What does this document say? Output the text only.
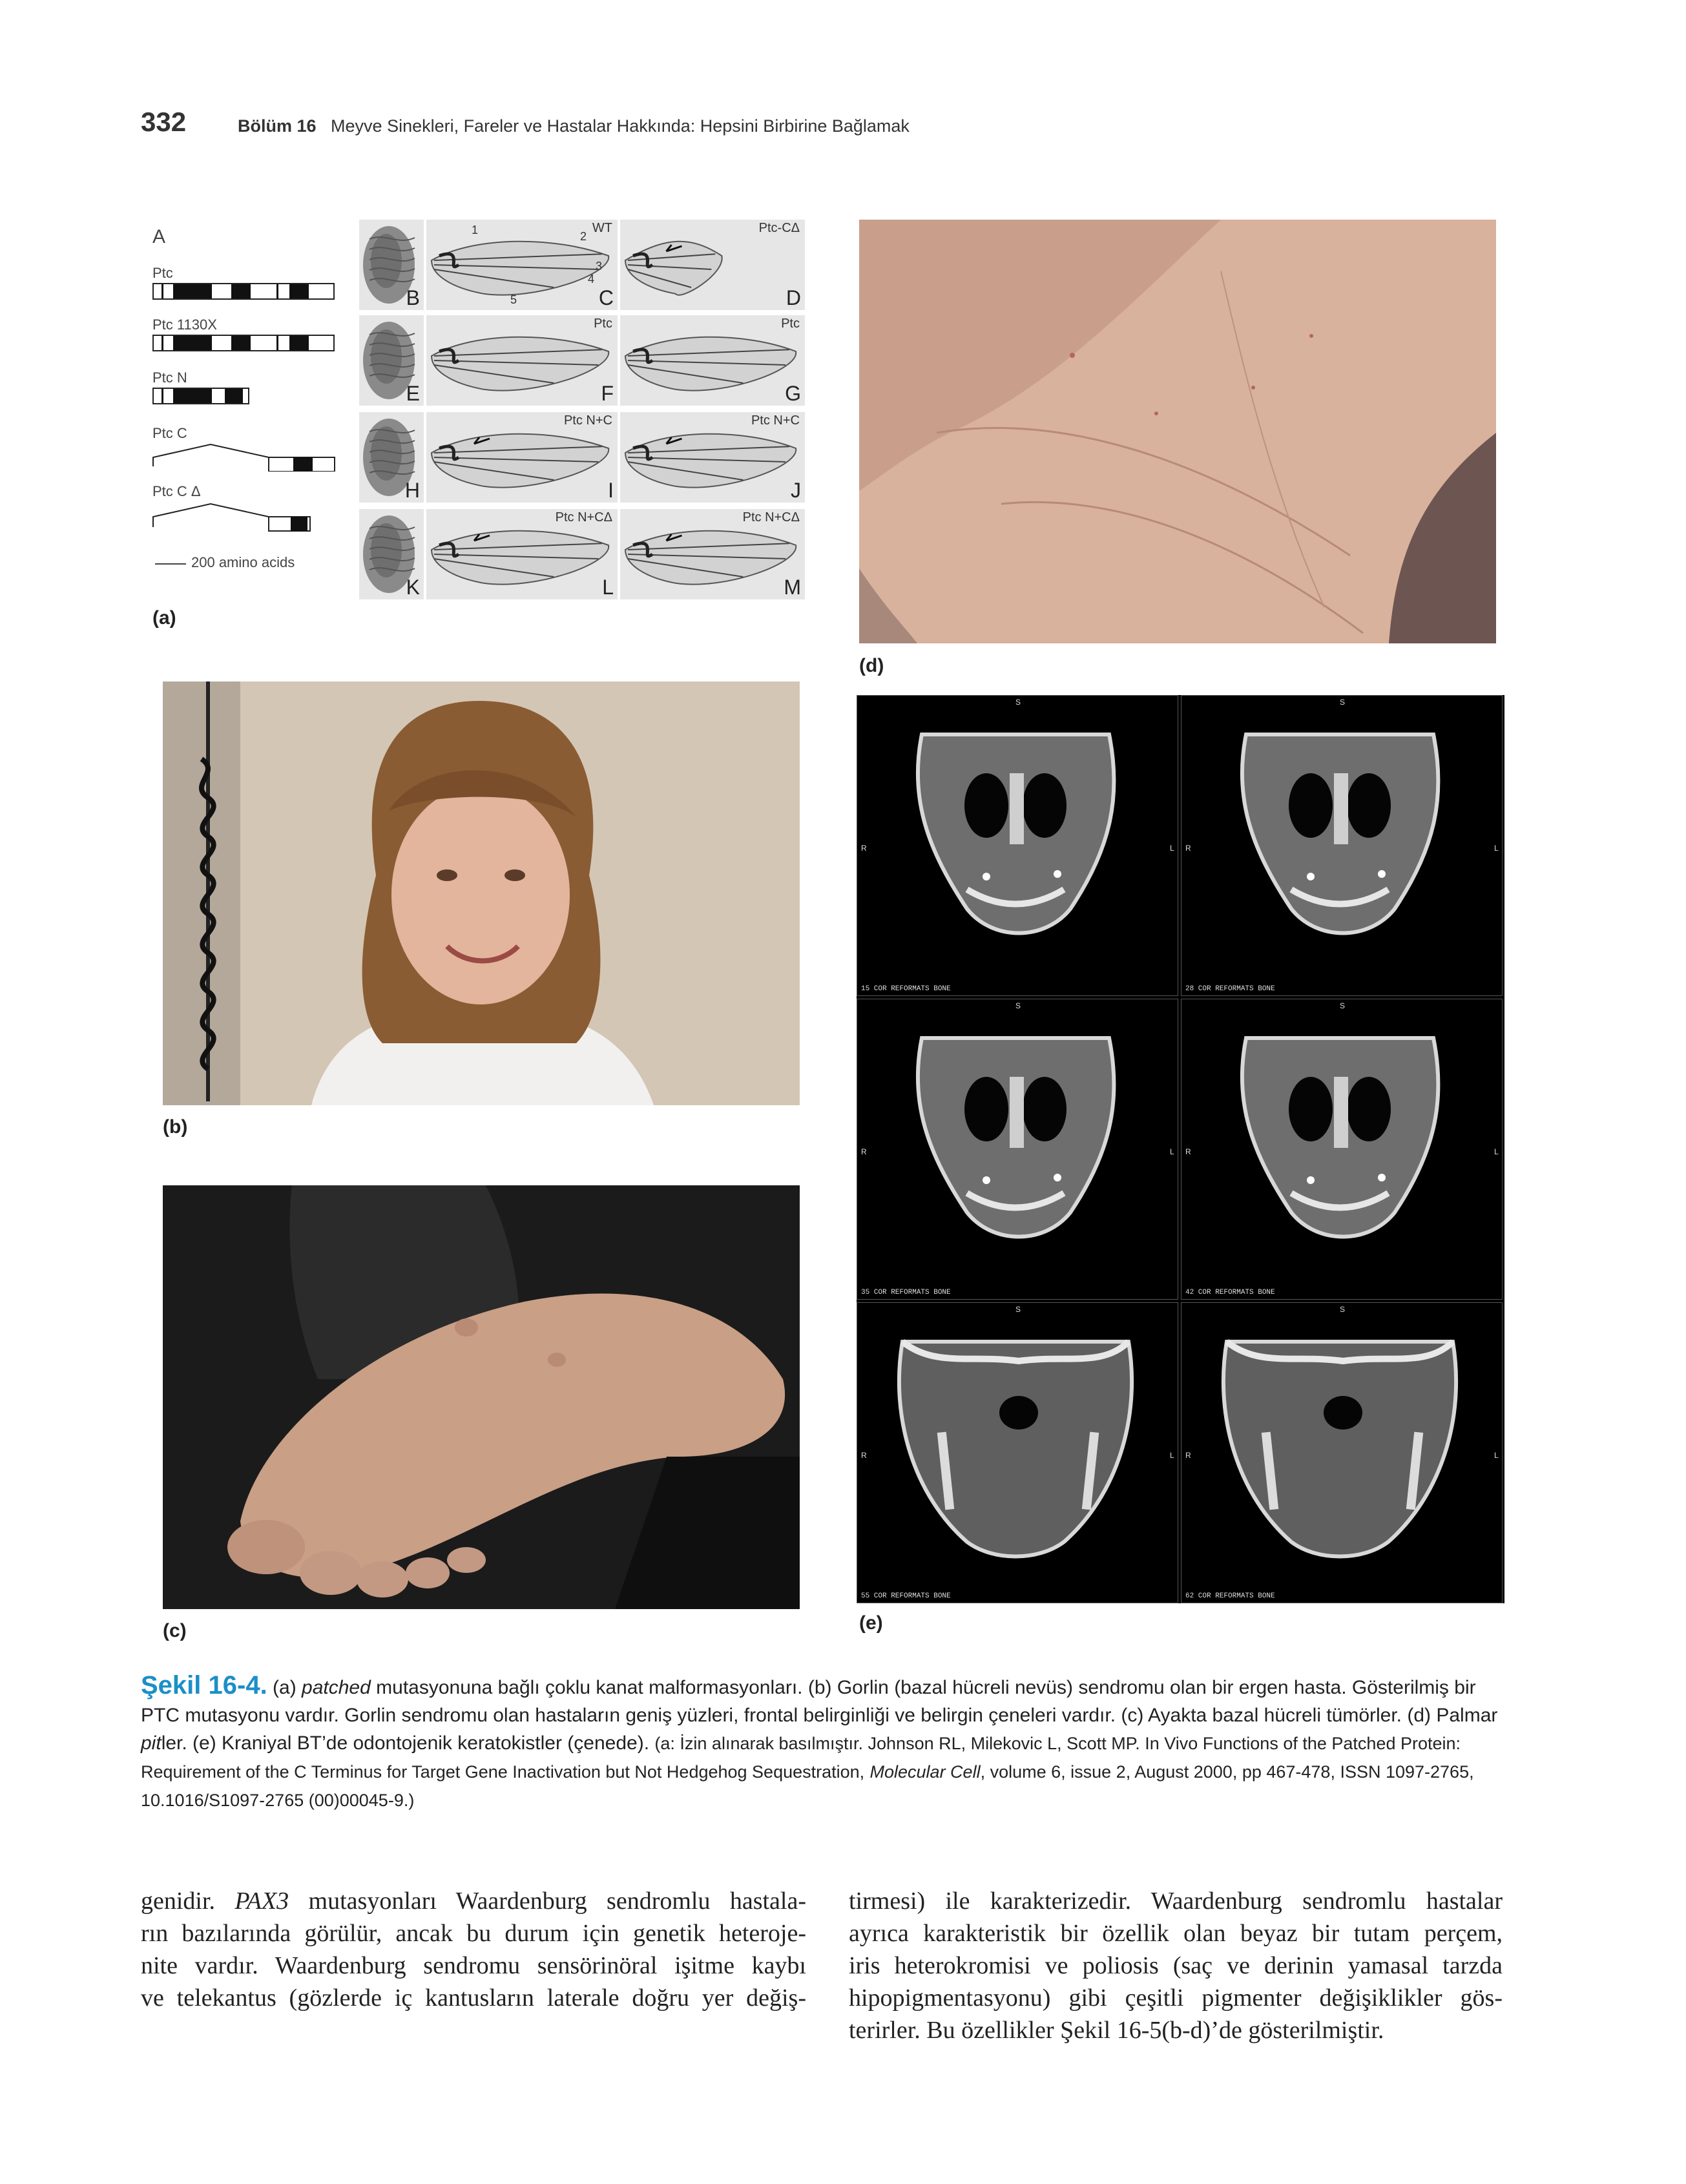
332	Bölüm 16 Meyve Sinekleri, Fareler ve Hastalar Hakkında: Hepsini Birbirine Bağlamak
A
Ptc
Ptc 1130X
Ptc N
Ptc C
Ptc C Δ
200 amino acids
B	C
WT
1	2
3
4
5	D
Ptc-CΔ
E	F
Ptc
G
Ptc
H	I
Ptc N+C
J
Ptc N+C
K	L
Ptc N+CΔ
M
Ptc N+CΔ
(a)
(d)
(b)
(c)
S
R	L
15 COR REFORMATS BONE
S
R	L
28 COR REFORMATS BONE
S
R	L
35 COR REFORMATS BONE
S
R	L
42 COR REFORMATS BONE
S
R	L
55 COR REFORMATS BONE
S
R	L
62 COR REFORMATS BONE
(e)
Şekil 16-4. (a) patched mutasyonuna bağlı çoklu kanat malformasyonları. (b) Gorlin (bazal hücreli nevüs) sendromu olan bir ergen hasta. Gösterilmiş bir PTC mutasyonu vardır. Gorlin sendromu olan hastaların geniş yüzleri, frontal belirginliği ve belirgin çeneleri vardır. (c) Ayakta bazal hücreli tümörler. (d) Palmar pitler. (e) Kraniyal BT’de odontojenik keratokistler (çenede). (a: İzin alınarak basılmıştır. Johnson RL, Milekovic L, Scott MP. In Vivo Functions of the Patched Protein: Requirement of the C Terminus for Target Gene Inactivation but Not Hedgehog Sequestration, Molecular Cell, volume 6, issue 2, August 2000, pp 467-478, ISSN 1097-2765, 10.1016/S1097-2765 (00)00045-9.)
genidir. PAX3 mutasyonları Waardenburg sendromlu hastala-
rın bazılarında görülür, ancak bu durum için genetik heteroje-
nite vardır. Waardenburg sendromu sensörinöral işitme kaybı
ve telekantus (gözlerde iç kantusların laterale doğru yer değiş-
tirmesi) ile karakterizedir. Waardenburg sendromlu hastalar
ayrıca karakteristik bir özellik olan beyaz bir tutam perçem,
iris heterokromisi ve poliosis (saç ve derinin yamasal tarzda
hipopigmentasyonu) gibi çeşitli pigmenter değişiklikler gös-
terirler. Bu özellikler Şekil 16-5(b-d)’de gösterilmiştir.
